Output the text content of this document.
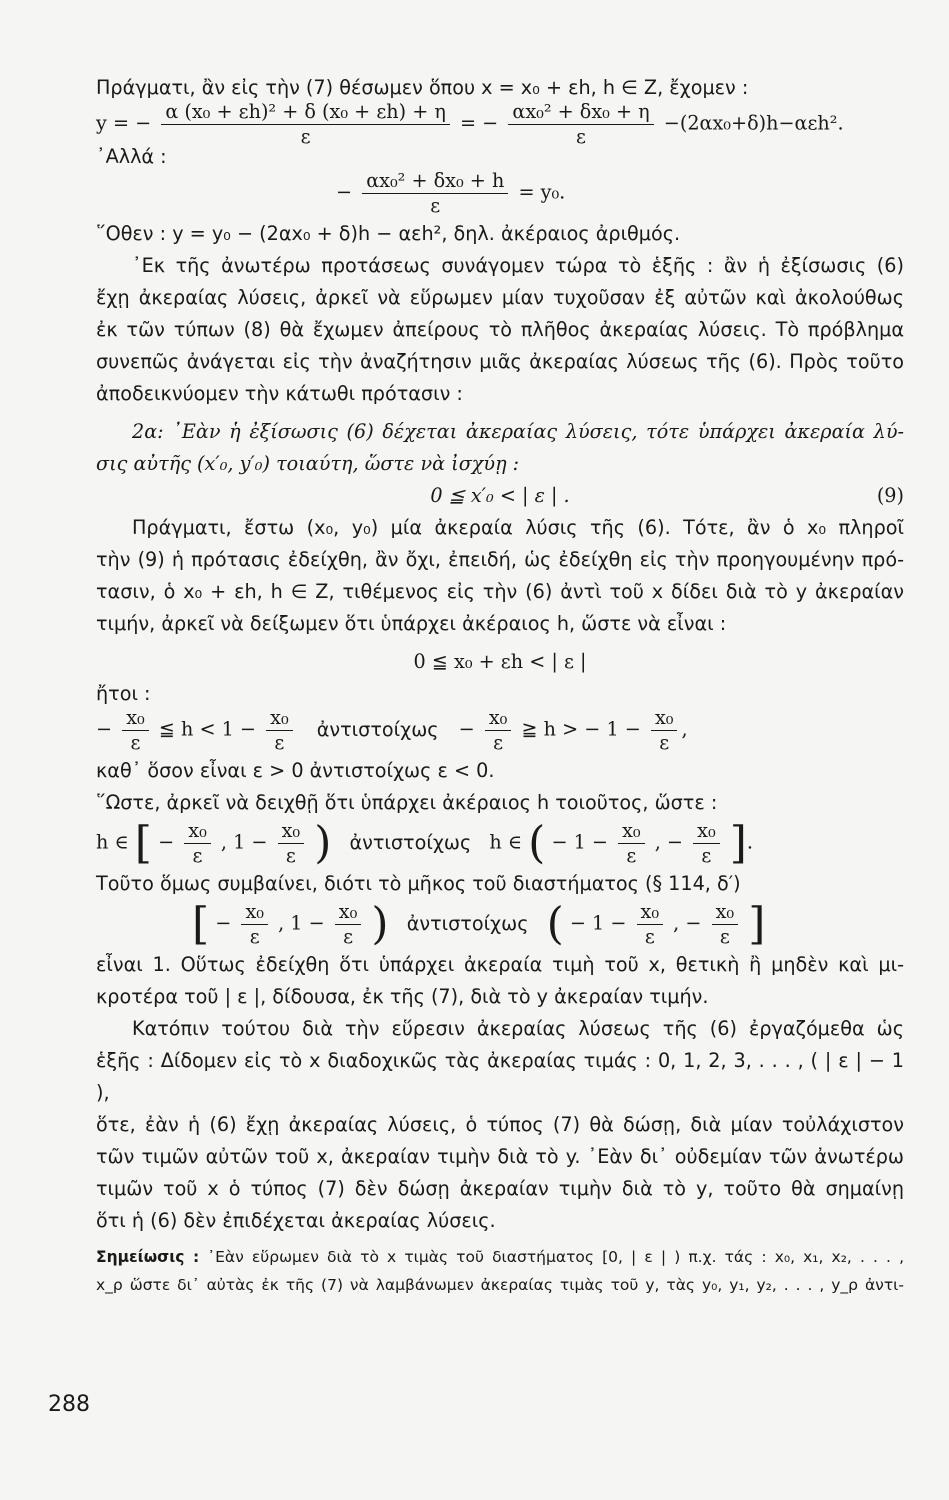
Πράγματι, ἂν εἰς τὴν (7) θέσωμεν ὅπου x = x₀ + εh, h ∈ Z, ἔχομεν :
y = − $\frac{\text{α (x₀ + εh)² + δ (x₀ + εh) + η}}{\varepsilon}$ = − $\frac{\text{αx₀² + δx₀ + η}}{\varepsilon} -(2\alpha x_0+\delta)h-\alpha\varepsilon h^2$.
᾽Αλλά :
− $\frac{\text{αx₀² + δx₀ + h}}{\varepsilon} = y_0$.
῞Οθεν : y = y₀ − (2αx₀ + δ)h − αεh², δηλ. ἀκέραιος ἀριθμός.
᾽Εκ τῆς ἀνωτέρω προτάσεως συνάγομεν τώρα τὸ ἑξῆς : ἂν ἡ ἐξίσωσις (6)
ἔχῃ ἀκεραίας λύσεις, ἀρκεῖ νὰ εὕρωμεν μίαν τυχοῦσαν ἐξ αὐτῶν καὶ ἀκολούθως
ἐκ τῶν τύπων (8) θὰ ἔχωμεν ἀπείρους τὸ πλῆθος ἀκεραίας λύσεις. Τὸ πρόβλημα
συνεπῶς ἀνάγεται εἰς τὴν ἀναζήτησιν μιᾶς ἀκεραίας λύσεως τῆς (6). Πρὸς τοῦτο
ἀποδεικνύομεν τὴν κάτωθι πρότασιν :
2α: ᾽Εὰν ἡ ἐξίσωσις (6) δέχεται ἀκεραίας λύσεις, τότε ὑπάρχει ἀκεραία λύ-
σις αὐτῆς (x′₀, y′₀) τοιαύτη, ὥστε νὰ ἰσχύῃ :
0 ≦ x′₀ < | ε | .	(9)
Πράγματι, ἔστω (x₀, y₀) μία ἀκεραία λύσις τῆς (6). Τότε, ἂν ὁ x₀ πληροῖ
τὴν (9) ἡ πρότασις ἐδείχθη, ἂν ὄχι, ἐπειδή, ὡς ἐδείχθη εἰς τὴν προηγουμένην πρό-
τασιν, ὁ x₀ + εh, h ∈ Z, τιθέμενος εἰς τὴν (6) ἀντὶ τοῦ x δίδει διὰ τὸ y ἀκεραίαν
τιμήν, ἀρκεῖ νὰ δείξωμεν ὅτι ὑπάρχει ἀκέραιος h, ὥστε νὰ εἶναι :
0 ≦ x₀ + εh < | ε |
ἤτοι :
− $\frac{\text{x₀}}{\varepsilon}$ ≦ $h < 1 - \frac{\text{x₀}}{\varepsilon}$ ἀντιστοίχως − $\frac{\text{x₀}}{\varepsilon}$ ≧ h > − $1 - \frac{\text{x₀}}{\varepsilon}$ ,
καθ᾽ ὅσον εἶναι ε > 0 ἀντιστοίχως ε < 0.
῞Ωστε, ἀρκεῖ νὰ δειχθῇ ὅτι ὑπάρχει ἀκέραιος h τοιοῦτος, ὥστε :
h ∈ [ − $\frac{\text{x₀}}{\varepsilon}$ , $1 - \frac{\text{x₀}}{\varepsilon}$ ) ἀντιστοίχως h ∈ ( − $1 - \frac{\text{x₀}}{\varepsilon}$ , − $\frac{\text{x₀}}{\varepsilon}$ ].
Τοῦτο ὅμως συμβαίνει, διότι τὸ μῆκος τοῦ διαστήματος (§ 114, δ′)
[ − $\frac{\text{x₀}}{\varepsilon}$ , $1 - \frac{\text{x₀}}{\varepsilon}$ ) ἀντιστοίχως ( − $1 - \frac{\text{x₀}}{\varepsilon}$ , − $\frac{\text{x₀}}{\varepsilon}$ ]
εἶναι 1. Οὕτως ἐδείχθη ὅτι ὑπάρχει ἀκεραία τιμὴ τοῦ x, θετικὴ ἢ μηδὲν καὶ μι-
κροτέρα τοῦ | ε |, δίδουσα, ἐκ τῆς (7), διὰ τὸ y ἀκεραίαν τιμήν.
Κατόπιν τούτου διὰ τὴν εὕρεσιν ἀκεραίας λύσεως τῆς (6) ἐργαζόμεθα ὡς
ἑξῆς : Δίδομεν εἰς τὸ x διαδοχικῶς τὰς ἀκεραίας τιμάς : 0, 1, 2, 3, . . . , ( | ε | − 1 ),
ὅτε, ἐὰν ἡ (6) ἔχῃ ἀκεραίας λύσεις, ὁ τύπος (7) θὰ δώσῃ, διὰ μίαν τοὐλάχιστον
τῶν τιμῶν αὐτῶν τοῦ x, ἀκεραίαν τιμὴν διὰ τὸ y. ᾽Εὰν δι᾽ οὐδεμίαν τῶν ἀνωτέρω
τιμῶν τοῦ x ὁ τύπος (7) δὲν δώσῃ ἀκεραίαν τιμὴν διὰ τὸ y, τοῦτο θὰ σημαίνῃ
ὅτι ἡ (6) δὲν ἐπιδέχεται ἀκεραίας λύσεις.
Σημείωσις : ᾽Εὰν εὕρωμεν διὰ τὸ x τιμὰς τοῦ διαστήματος [0, | ε | ) π.χ. τάς : x₀, x₁, x₂, . . . ,
x_ρ ὥστε δι᾽ αὐτὰς ἐκ τῆς (7) νὰ λαμβάνωμεν ἀκεραίας τιμὰς τοῦ y, τὰς y₀, y₁, y₂, . . . , y_ρ ἀντι-
288
